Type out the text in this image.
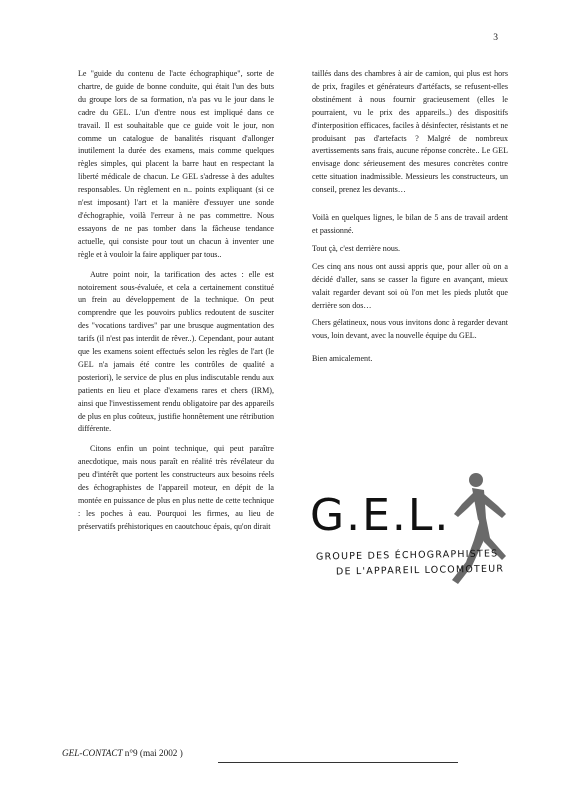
3

Le "guide du contenu de l'acte échographique", sorte de chartre, de guide de bonne conduite, qui était l'un des buts du groupe lors de sa formation, n'a pas vu le jour dans le cadre du GEL. L'un d'entre nous est impliqué dans ce travail. Il est souhaitable que ce guide voit le jour, non comme un catalogue de banalités risquant d'allonger inutilement la durée des examens, mais comme quelques règles simples, qui placent la barre haut en respectant la liberté médicale de chacun. Le GEL s'adresse à des adultes responsables. Un règlement en n.. points expliquant (si ce n'est imposant) l'art et la manière d'essuyer une sonde d'échographie, voilà l'erreur à ne pas commettre. Nous essayons de ne pas tomber dans la fâcheuse tendance actuelle, qui consiste pour tout un chacun à inventer une règle et à vouloir la faire appliquer par tous..

Autre point noir, la tarification des actes : elle est notoirement sous-évaluée, et cela a certainement constitué un frein au développement de la technique. On peut comprendre que les pouvoirs publics redoutent de susciter des "vocations tardives" par une brusque augmentation des tarifs (il n'est pas interdit de rêver..). Cependant, pour autant que les examens soient effectués selon les règles de l'art (le GEL n'a jamais été contre les contrôles de qualité a posteriori), le service de plus en plus indiscutable rendu aux patients en lieu et place d'examens rares et chers (IRM), ainsi que l'investissement rendu obligatoire par des appareils de plus en plus coûteux, justifie honnêtement une rétribution différente.

Citons enfin un point technique, qui peut paraître anecdotique, mais nous paraît en réalité très révélateur du peu d'intérêt que portent les constructeurs aux besoins réels des échographistes de l'appareil moteur, en dépit de la montée en puissance de plus en plus nette de cette technique : les poches à eau. Pourquoi les firmes, au lieu de préservatifs préhistoriques en caoutchouc épais, qu'on dirait

taillés dans des chambres à air de camion, qui plus est hors de prix, fragiles et générateurs d'artéfacts, se refusent-elles obstinément à nous fournir gracieusement (elles le pourraient, vu le prix des appareils..) des dispositifs d'interposition efficaces, faciles à désinfecter, résistants et ne produisant pas d'artefacts ? Malgré de nombreux avertissements sans frais, aucune réponse concrète.. Le GEL envisage donc sérieusement des mesures concrètes contre cette situation inadmissible. Messieurs les constructeurs, un conseil, prenez les devants…

Voilà en quelques lignes, le bilan de 5 ans de travail ardent et passionné.

Tout çà, c'est derrière nous.

Ces cinq ans nous ont aussi appris que, pour aller où on a décidé d'aller, sans se casser la figure en avançant, mieux valait regarder devant soi où l'on met les pieds plutôt que derrière son dos…

Chers gélatineux, nous vous invitons donc à regarder devant vous, loin devant, avec la nouvelle équipe du GEL.

Bien amicalement.

G.E.L.
GROUPE DES ÉCHOGRAPHISTES
DE L'APPAREIL LOCOMOTEUR
GEL-CONTACT n°9 (mai 2002 )
